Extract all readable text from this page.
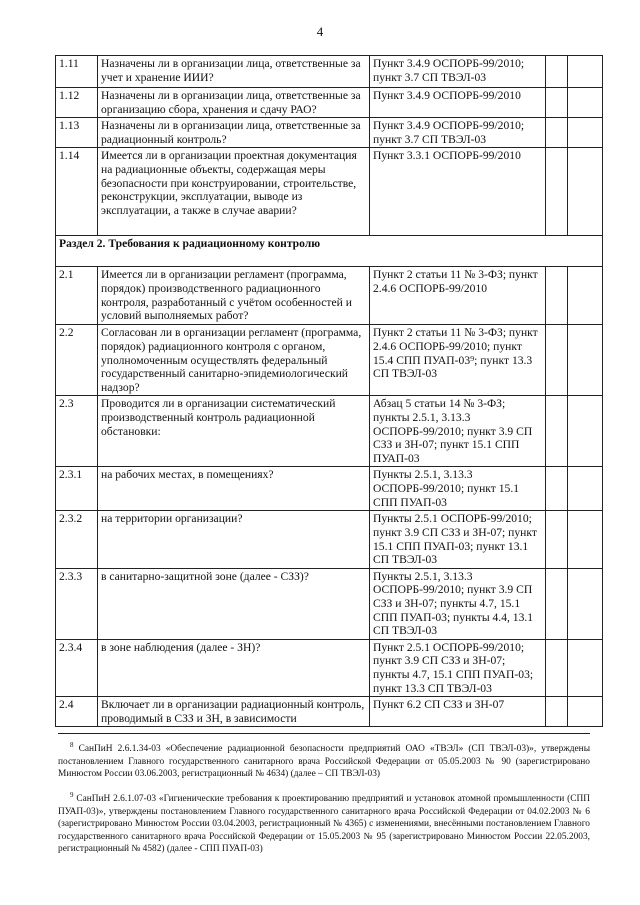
4
1.11	Назначены ли в организации лица, ответственные за учет и хранение ИИИ?	Пункт 3.4.9 ОСПОРБ-99/2010; пункт 3.7 СП ТВЭЛ-03		
1.12	Назначены ли в организации лица, ответственные за организацию сбора, хранения и сдачу РАО?	Пункт 3.4.9 ОСПОРБ-99/2010		
1.13	Назначены ли в организации лица, ответственные за радиационный контроль?	Пункт 3.4.9 ОСПОРБ-99/2010; пункт 3.7 СП ТВЭЛ-03		
1.14	Имеется ли в организации проектная документация на радиационные объекты, содержащая меры безопасности при конструировании, строительстве, реконструкции, эксплуатации, выводе из эксплуатации, а также в случае аварии?	Пункт 3.3.1 ОСПОРБ-99/2010		
Раздел 2. Требования к радиационному контролю				
2.1	Имеется ли в организации регламент (программа, порядок) производственного радиационного контроля, разработанный с учётом особенностей и условий выполняемых работ?	Пункт 2 статьи 11 № 3-ФЗ; пункт 2.4.6 ОСПОРБ-99/2010		
2.2	Согласован ли в организации регламент (программа, порядок) радиационного контроля с органом, уполномоченным осуществлять федеральный государственный санитарно-эпидемиологический надзор?	Пункт 2 статьи 11 № 3-ФЗ; пункт 2.4.6 ОСПОРБ-99/2010; пункт 15.4 СПП ПУАП-03⁹; пункт 13.3 СП ТВЭЛ-03		
2.3	Проводится ли в организации систематический производственный контроль радиационной обстановки:	Абзац 5 статьи 14 № 3-ФЗ; пункты 2.5.1, 3.13.3 ОСПОРБ-99/2010; пункт 3.9 СП СЗЗ и ЗН-07; пункт 15.1 СПП ПУАП-03		
2.3.1	на рабочих местах, в помещениях?	Пункты 2.5.1, 3.13.3 ОСПОРБ-99/2010; пункт 15.1 СПП ПУАП-03		
2.3.2	на территории организации?	Пункты 2.5.1 ОСПОРБ-99/2010; пункт 3.9 СП СЗЗ и ЗН-07; пункт 15.1 СПП ПУАП-03; пункт 13.1 СП ТВЭЛ-03		
2.3.3	в санитарно-защитной зоне (далее - СЗЗ)?	Пункты 2.5.1, 3.13.3 ОСПОРБ-99/2010; пункт 3.9 СП СЗЗ и ЗН-07; пункты 4.7, 15.1 СПП ПУАП-03; пункты 4.4, 13.1 СП ТВЭЛ-03		
2.3.4	в зоне наблюдения (далее - ЗН)?	Пункт 2.5.1 ОСПОРБ-99/2010; пункт 3.9 СП СЗЗ и ЗН-07; пункты 4.7, 15.1 СПП ПУАП-03; пункт 13.3 СП ТВЭЛ-03		
2.4	Включает ли в организации радиационный контроль, проводимый в СЗЗ и ЗН, в зависимости	Пункт 6.2 СП СЗЗ и ЗН-07		

$^8$ СанПиН 2.6.1.34-03 «Обеспечение радиационной безопасности предприятий ОАО «ТВЭЛ» (СП ТВЭЛ-03)», утверждены постановлением Главного государственного санитарного врача Российской Федерации от 05.05.2003 № 90 (зарегистрировано Минюстом России 03.06.2003, регистрационный № 4634) (далее – СП ТВЭЛ-03)

$^9$ СанПиН 2.6.1.07-03 «Гигиенические требования к проектированию предприятий и установок атомной промышленности (СПП ПУАП-03)», утверждены постановлением Главного государственного санитарного врача Российской Федерации от 04.02.2003 № 6 (зарегистрировано Минюстом России 03.04.2003, регистрационный № 4365) с изменениями, внесёнными постановлением Главного государственного санитарного врача Российской Федерации от 15.05.2003 № 95 (зарегистрировано Минюстом России 22.05.2003, регистрационный № 4582) (далее - СПП ПУАП-03)
